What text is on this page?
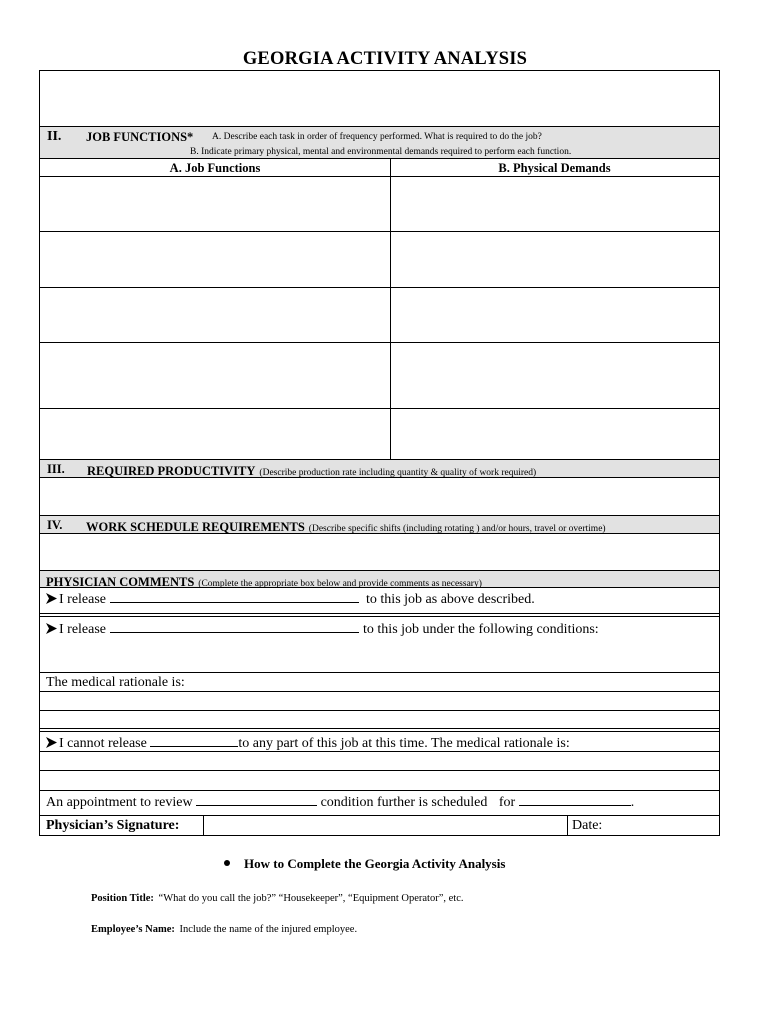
GEORGIA ACTIVITY ANALYSIS
II. JOB FUNCTIONS* A. Describe each task in order of frequency performed. What is required to do the job?
B. Indicate primary physical, mental and environmental demands required to perform each function.
A. Job Functions	B. Physical Demands
III. REQUIRED PRODUCTIVITY (Describe production rate including quantity & quality of work required)
IV. WORK SCHEDULE REQUIREMENTS (Describe specific shifts (including rotating ) and/or hours, travel or overtime)
PHYSICIAN COMMENTS (Complete the appropriate box below and provide comments as necessary)
I release	to this job as above described.
I release	to this job under the following conditions:
The medical rationale is:
I cannot release	to any part of this job at this time. The medical rationale is:
An appointment to review	condition further is scheduled for	.
Physician’s Signature:	Date:
How to Complete the Georgia Activity Analysis
Position Title: “What do you call the job?” “Housekeeper”, “Equipment Operator”, etc.
Employee’s Name: Include the name of the injured employee.
